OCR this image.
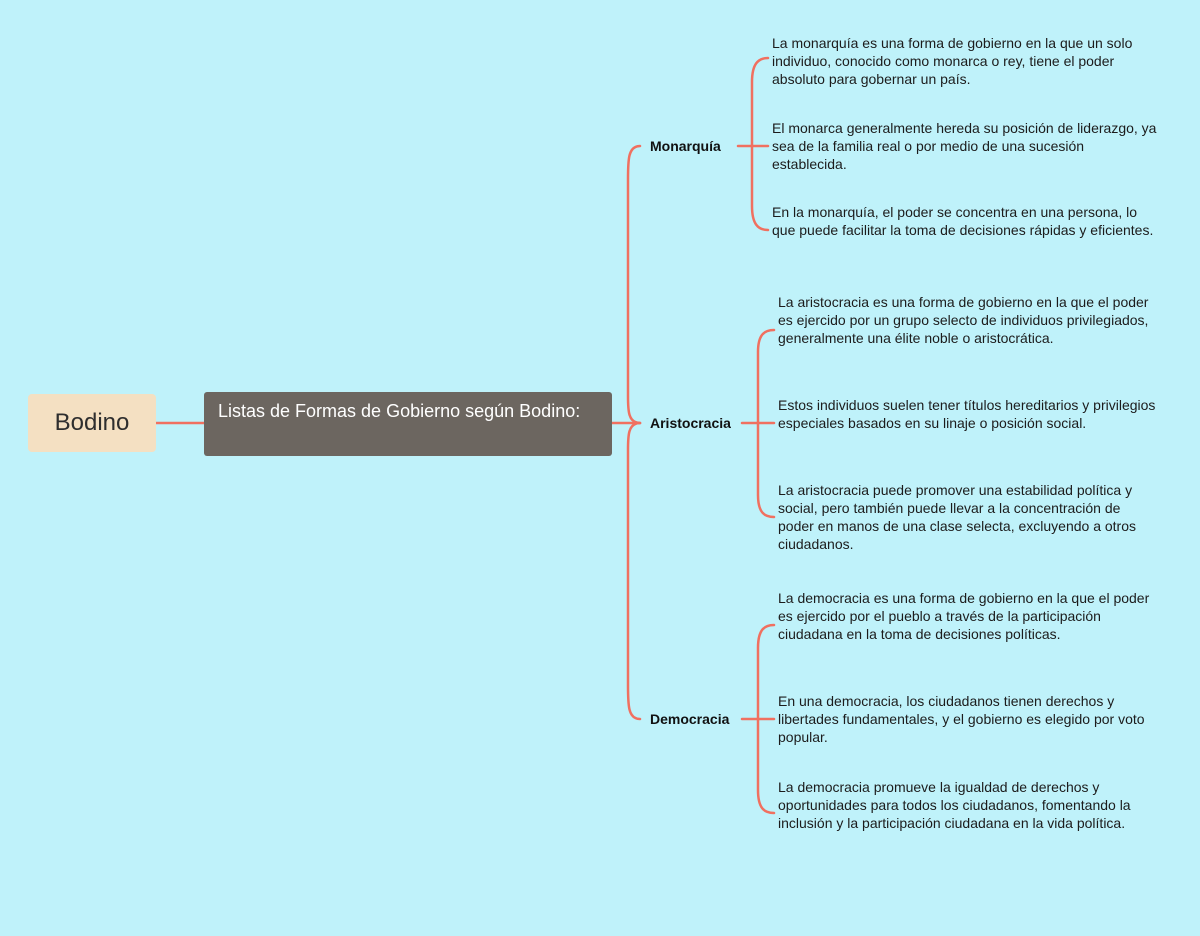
Bodino	Listas de Formas de Gobierno según Bodino:
Monarquía
Aristocracia
Democracia
La monarquía es una forma de gobierno en la que un solo individuo, conocido como monarca o rey, tiene el poder absoluto para gobernar un país.
El monarca generalmente hereda su posición de liderazgo, ya sea de la familia real o por medio de una sucesión establecida.
En la monarquía, el poder se concentra en una persona, lo que puede facilitar la toma de decisiones rápidas y eficientes.
La aristocracia es una forma de gobierno en la que el poder es ejercido por un grupo selecto de individuos privilegiados, generalmente una élite noble o aristocrática.
Estos individuos suelen tener títulos hereditarios y privilegios especiales basados en su linaje o posición social.
La aristocracia puede promover una estabilidad política y social, pero también puede llevar a la concentración de poder en manos de una clase selecta, excluyendo a otros ciudadanos.
La democracia es una forma de gobierno en la que el poder es ejercido por el pueblo a través de la participación ciudadana en la toma de decisiones políticas.
En una democracia, los ciudadanos tienen derechos y libertades fundamentales, y el gobierno es elegido por voto popular.
La democracia promueve la igualdad de derechos y oportunidades para todos los ciudadanos, fomentando la inclusión y la participación ciudadana en la vida política.
